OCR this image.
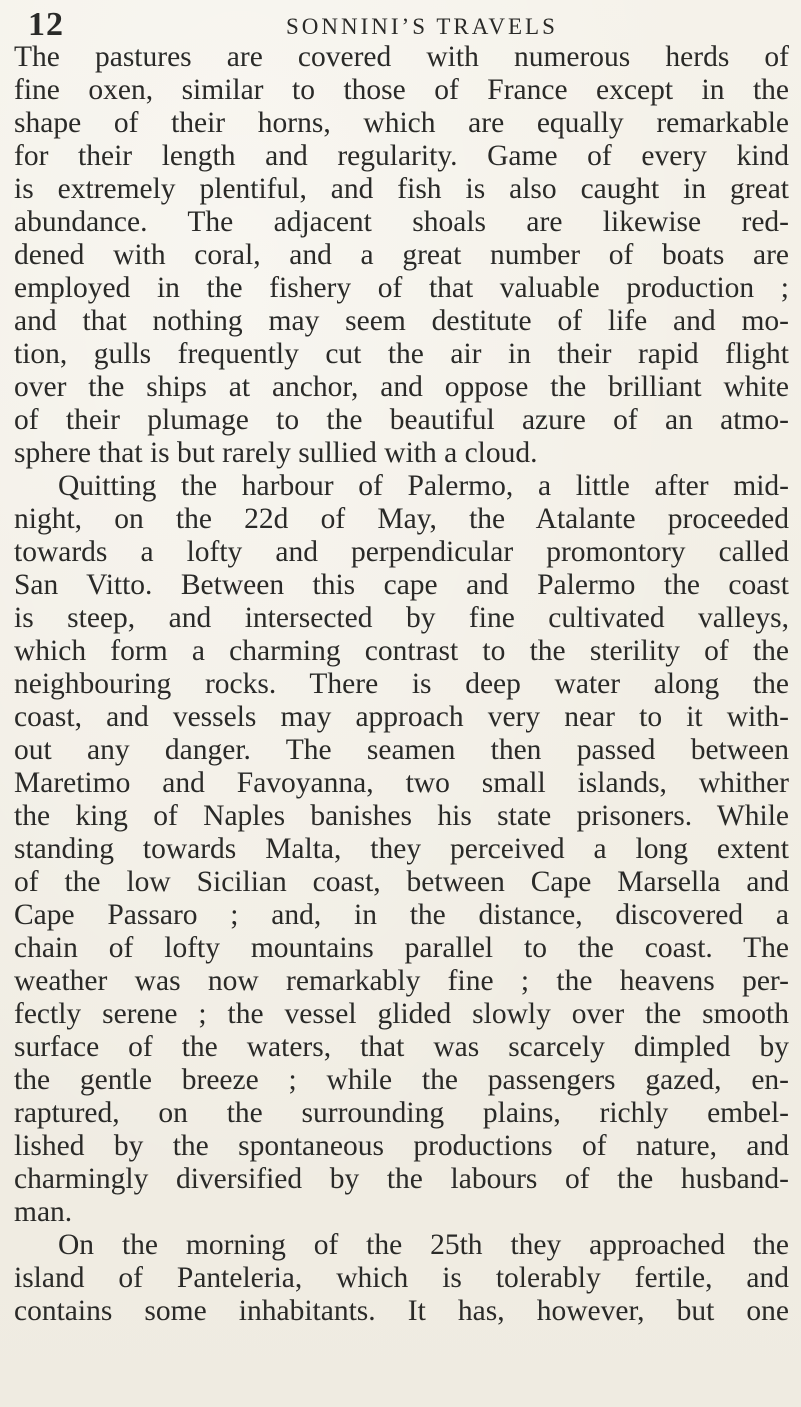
12	SONNINI’S TRAVELS
The pastures are covered with numerous herds of
fine oxen, similar to those of France except in the
shape of their horns, which are equally remarkable
for their length and regularity. Game of every kind
is extremely plentiful, and fish is also caught in great
abundance. The adjacent shoals are likewise red-
dened with coral, and a great number of boats are
employed in the fishery of that valuable production ;
and that nothing may seem destitute of life and mo-
tion, gulls frequently cut the air in their rapid flight
over the ships at anchor, and oppose the brilliant white
of their plumage to the beautiful azure of an atmo-
sphere that is but rarely sullied with a cloud.
Quitting the harbour of Palermo, a little after mid-
night, on the 22d of May, the Atalante proceeded
towards a lofty and perpendicular promontory called
San Vitto. Between this cape and Palermo the coast
is steep, and intersected by fine cultivated valleys,
which form a charming contrast to the sterility of the
neighbouring rocks. There is deep water along the
coast, and vessels may approach very near to it with-
out any danger. The seamen then passed between
Maretimo and Favoyanna, two small islands, whither
the king of Naples banishes his state prisoners. While
standing towards Malta, they perceived a long extent
of the low Sicilian coast, between Cape Marsella and
Cape Passaro ; and, in the distance, discovered a
chain of lofty mountains parallel to the coast. The
weather was now remarkably fine ; the heavens per-
fectly serene ; the vessel glided slowly over the smooth
surface of the waters, that was scarcely dimpled by
the gentle breeze ; while the passengers gazed, en-
raptured, on the surrounding plains, richly embel-
lished by the spontaneous productions of nature, and
charmingly diversified by the labours of the husband-
man.
On the morning of the 25th they approached the
island of Panteleria, which is tolerably fertile, and
contains some inhabitants. It has, however, but one
